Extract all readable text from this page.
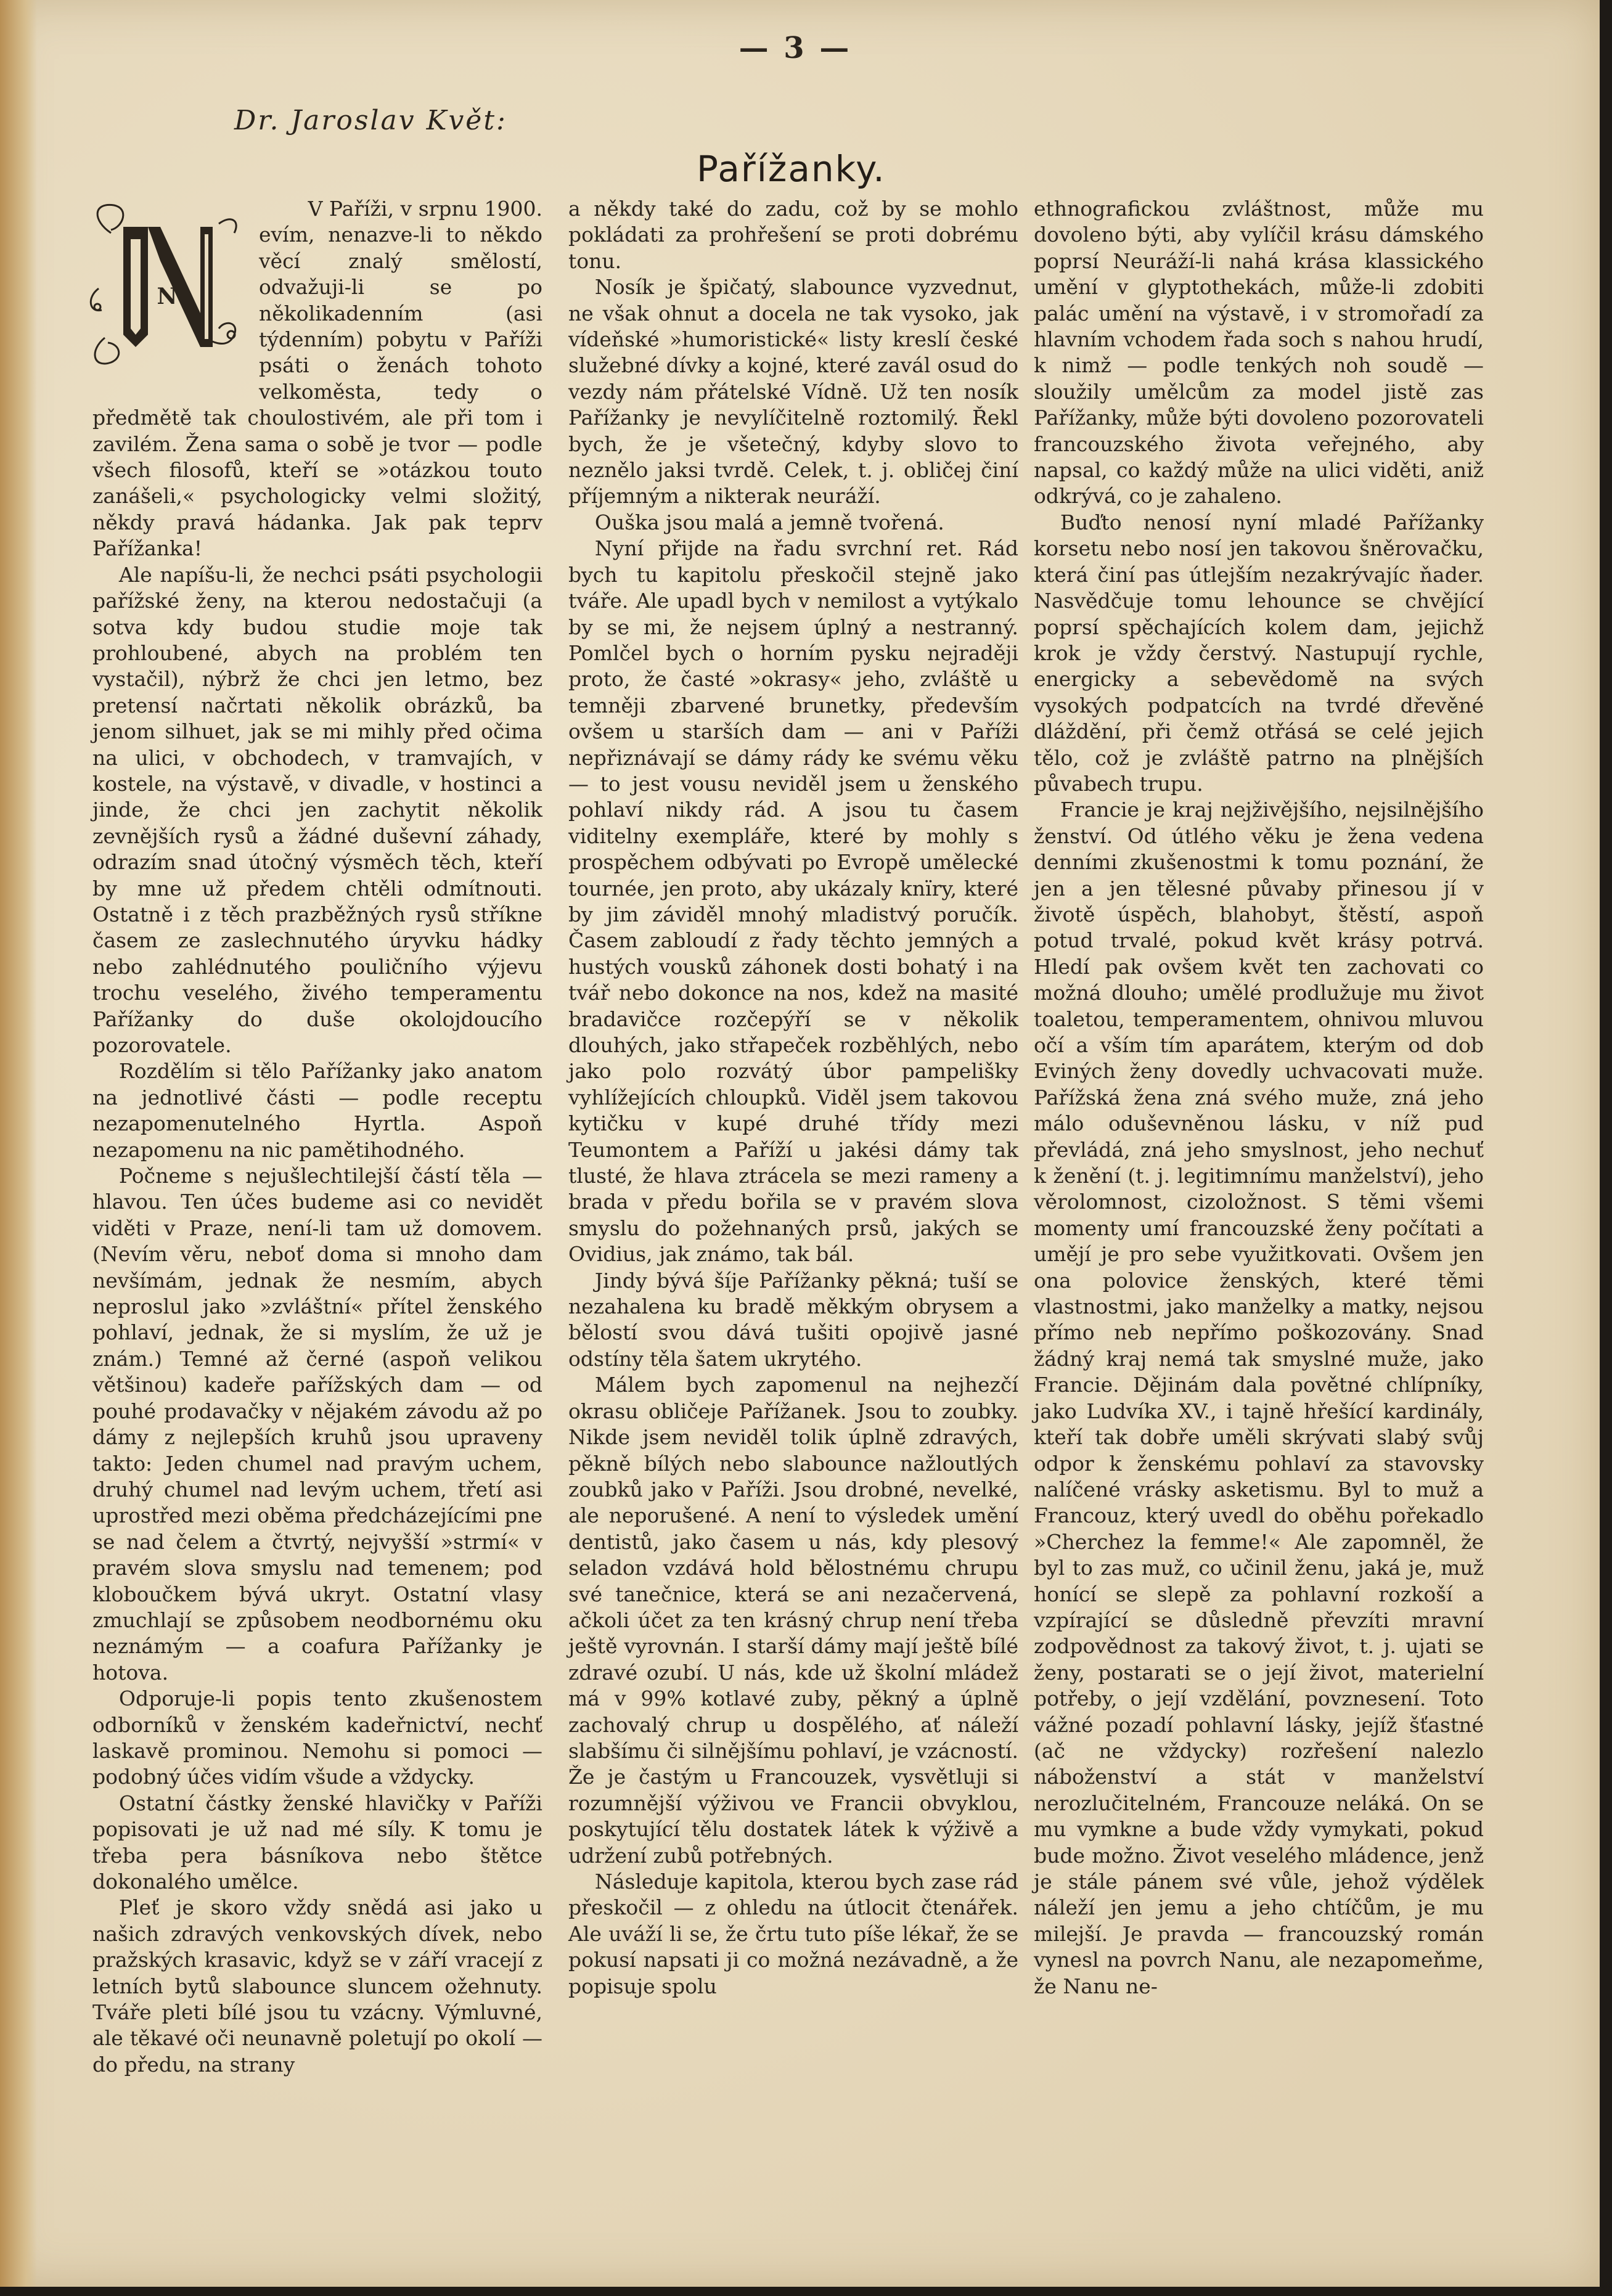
— 3 —
Dr. Jaroslav Květ:
Pařížanky.
N

V Paříži, v srpnu 1900.

evím, nenazve-li to někdo věcí znalý smělostí, odvažuji-li se po několikadenním (asi týdenním) pobytu v Paříži psáti o ženách tohoto velkoměsta, tedy o předmětě tak choulostivém, ale při tom i zavilém. Žena sama o sobě je tvor — podle všech filosofů, kteří se »otázkou touto zanášeli,« psychologicky velmi složitý, někdy pravá hádanka. Jak pak teprv Pařížanka!

Ale napíšu-li, že nechci psáti psychologii pařížské ženy, na kterou nedostačuji (a sotva kdy budou studie moje tak prohloubené, abych na problém ten vystačil), nýbrž že chci jen letmo, bez pretensí načrtati několik obrázků, ba jenom silhuet, jak se mi mihly před očima na ulici, v obchodech, v tramvajích, v kostele, na výstavě, v divadle, v hostinci a jinde, že chci jen zachytit několik zevnějších rysů a žádné duševní záhady, odrazím snad útočný výsměch těch, kteří by mne už předem chtěli odmítnouti. Ostatně i z těch prazběžných rysů stříkne časem ze zaslechnutého úryvku hádky nebo zahlédnutého pouličního výjevu trochu veselého, živého temperamentu Pařížanky do duše okolojdoucího pozorovatele.

Rozdělím si tělo Pařížanky jako anatom na jednotlivé části — podle receptu nezapomenutelného Hyrtla. Aspoň nezapomenu na nic pamětihodného.

Počneme s nejušlechtilejší částí těla — hlavou. Ten účes budeme asi co nevidět viděti v Praze, není-li tam už domovem. (Nevím věru, neboť doma si mnoho dam nevšímám, jednak že nesmím, abych neproslul jako »zvláštní« přítel ženského pohlaví, jednak, že si myslím, že už je znám.) Temné až černé (aspoň velikou většinou) kadeře pařížských dam — od pouhé prodavačky v nějakém závodu až po dámy z nejlepších kruhů jsou upraveny takto: Jeden chumel nad pravým uchem, druhý chumel nad levým uchem, třetí asi uprostřed mezi oběma předcházejícími pne se nad čelem a čtvrtý, nejvyšší »strmí« v pravém slova smyslu nad temenem; pod kloboučkem bývá ukryt. Ostatní vlasy zmuchlají se způsobem neodbornému oku neznámým — a coafura Pařížanky je hotova.

Odporuje-li popis tento zkušenostem odborníků v ženském kadeřnictví, nechť laskavě prominou. Nemohu si pomoci — podobný účes vidím všude a vždycky.

Ostatní částky ženské hlavičky v Paříži popisovati je už nad mé síly. K tomu je třeba pera básníkova nebo štětce dokonalého umělce.

Pleť je skoro vždy snědá asi jako u našich zdravých venkovských dívek, nebo pražských krasavic, když se v září vracejí z letních bytů slabounce sluncem ožehnuty. Tváře pleti bílé jsou tu vzácny. Výmluvné, ale těkavé oči neunavně poletují po okolí — do předu, na strany

a někdy také do zadu, což by se mohlo pokládati za prohřešení se proti dobrému tonu.

Nosík je špičatý, slabounce vyzvednut, ne však ohnut a docela ne tak vysoko, jak vídeňské »humoristické« listy kreslí české služebné dívky a kojné, které zavál osud do vezdy nám přátelské Vídně. Už ten nosík Pařížanky je nevylíčitelně roztomilý. Řekl bych, že je všetečný, kdyby slovo to neznělo jaksi tvrdě. Celek, t. j. obličej činí příjemným a nikterak neuráží.

Ouška jsou malá a jemně tvořená.

Nyní přijde na řadu svrchní ret. Rád bych tu kapitolu přeskočil stejně jako tváře. Ale upadl bych v nemilost a vytýkalo by se mi, že nejsem úplný a nestranný. Pomlčel bych o horním pysku nejraději proto, že časté »okrasy« jeho, zvláště u temněji zbarvené brunetky, především ovšem u starších dam — ani v Paříži nepřiznávají se dámy rády ke svému věku — to jest vousu neviděl jsem u ženského pohlaví nikdy rád. A jsou tu časem viditelny exempláře, které by mohly s prospěchem odbývati po Evropě umělecké tournée, jen proto, aby ukázaly knïry, které by jim záviděl mnohý mladistvý poručík. Časem zabloudí z řady těchto jemných a hustých vousků záhonek dosti bohatý i na tvář nebo dokonce na nos, kdež na masité bradavičce rozčepýří se v několik dlouhých, jako střapeček rozběhlých, nebo jako polo rozvátý úbor pampelišky vyhlížejících chloupků. Viděl jsem takovou kytičku v kupé druhé třídy mezi Teumontem a Paříží u jakési dámy tak tlusté, že hlava ztrácela se mezi rameny a brada v předu bořila se v pravém slova smyslu do požehnaných prsů, jakých se Ovidius, jak známo, tak bál.

Jindy bývá šíje Pařížanky pěkná; tuší se nezahalena ku bradě měkkým obrysem a bělostí svou dává tušiti opojivě jasné odstíny těla šatem ukrytého.

Málem bych zapomenul na nejhezčí okrasu obličeje Pařížanek. Jsou to zoubky. Nikde jsem neviděl tolik úplně zdravých, pěkně bílých nebo slabounce nažloutlých zoubků jako v Paříži. Jsou drobné, nevelké, ale neporušené. A není to výsledek umění dentistů, jako časem u nás, kdy plesový seladon vzdává hold bělostnému chrupu své tanečnice, která se ani nezačervená, ačkoli účet za ten krásný chrup není třeba ještě vyrovnán. I starší dámy mají ještě bílé zdravé ozubí. U nás, kde už školní mládež má v 99% kotlavé zuby, pěkný a úplně zachovalý chrup u dospělého, ať náleží slabšímu či silnějšímu pohlaví, je vzácností. Že je častým u Francouzek, vysvětluji si rozumnější výživou ve Francii obvyklou, poskytující tělu dostatek látek k výživě a udržení zubů potřebných.

Následuje kapitola, kterou bych zase rád přeskočil — z ohledu na útlocit čtenářek. Ale uváží li se, že črtu tuto píše lékař, že se pokusí napsati ji co možná nezávadně, a že popisuje spolu

ethnografickou zvláštnost, může mu dovoleno býti, aby vylíčil krásu dámského poprsí Neuráží-li nahá krása klassického umění v glyptothekách, může-li zdobiti palác umění na výstavě, i v stromořadí za hlavním vchodem řada soch s nahou hrudí, k nimž — podle tenkých noh soudě — sloužily umělcům za model jistě zas Pařížanky, může býti dovoleno pozorovateli francouzského života veřejného, aby napsal, co každý může na ulici viděti, aniž odkrývá, co je zahaleno.

Buďto nenosí nyní mladé Pařížanky korsetu nebo nosí jen takovou šněrovačku, která činí pas útlejším nezakrývajíc ňader. Nasvědčuje tomu lehounce se chvějící poprsí spěchajících kolem dam, jejichž krok je vždy čerstvý. Nastupují rychle, energicky a sebevědomě na svých vysokých podpatcích na tvrdé dřevěné dláždění, při čemž otřásá se celé jejich tělo, což je zvláště patrno na plnějších půvabech trupu.

Francie je kraj nejživějšího, nejsilnějšího ženství. Od útlého věku je žena vedena denními zkušenostmi k tomu poznání, že jen a jen tělesné půvaby přinesou jí v životě úspěch, blahobyt, štěstí, aspoň potud trvalé, pokud květ krásy potrvá. Hledí pak ovšem květ ten zachovati co možná dlouho; umělé prodlužuje mu život toaletou, temperamentem, ohnivou mluvou očí a vším tím aparátem, kterým od dob Eviných ženy dovedly uchvacovati muže. Pařížská žena zná svého muže, zná jeho málo oduševněnou lásku, v níž pud převládá, zná jeho smyslnost, jeho nechuť k ženění (t. j. legitimnímu manželství), jeho věrolomnost, cizoložnost. S těmi všemi momenty umí francouzské ženy počítati a umějí je pro sebe využitkovati. Ovšem jen ona polovice ženských, které těmi vlastnostmi, jako manželky a matky, nejsou přímo neb nepřímo poškozovány. Snad žádný kraj nemá tak smyslné muže, jako Francie. Dějinám dala povětné chlípníky, jako Ludvíka XV., i tajně hřešící kardinály, kteří tak dobře uměli skrývati slabý svůj odpor k ženskému pohlaví za stavovsky nalíčené vrásky asketismu. Byl to muž a Francouz, který uvedl do oběhu pořekadlo »Cherchez la femme!« Ale zapomněl, že byl to zas muž, co učinil ženu, jaká je, muž honící se slepě za pohlavní rozkoší a vzpírající se důsledně převzíti mravní zodpovědnost za takový život, t. j. ujati se ženy, postarati se o její život, materielní potřeby, o její vzdělání, povznesení. Toto vážné pozadí pohlavní lásky, jejíž šťastné (ač ne vždycky) rozřešení nalezlo náboženství a stát v manželství nerozlučitelném, Francouze neláká. On se mu vymkne a bude vždy vymykati, pokud bude možno. Život veselého mládence, jenž je stále pánem své vůle, jehož výdělek náleží jen jemu a jeho chtíčům, je mu milejší. Je pravda — francouzský román vynesl na povrch Nanu, ale nezapomeňme, že Nanu ne-
